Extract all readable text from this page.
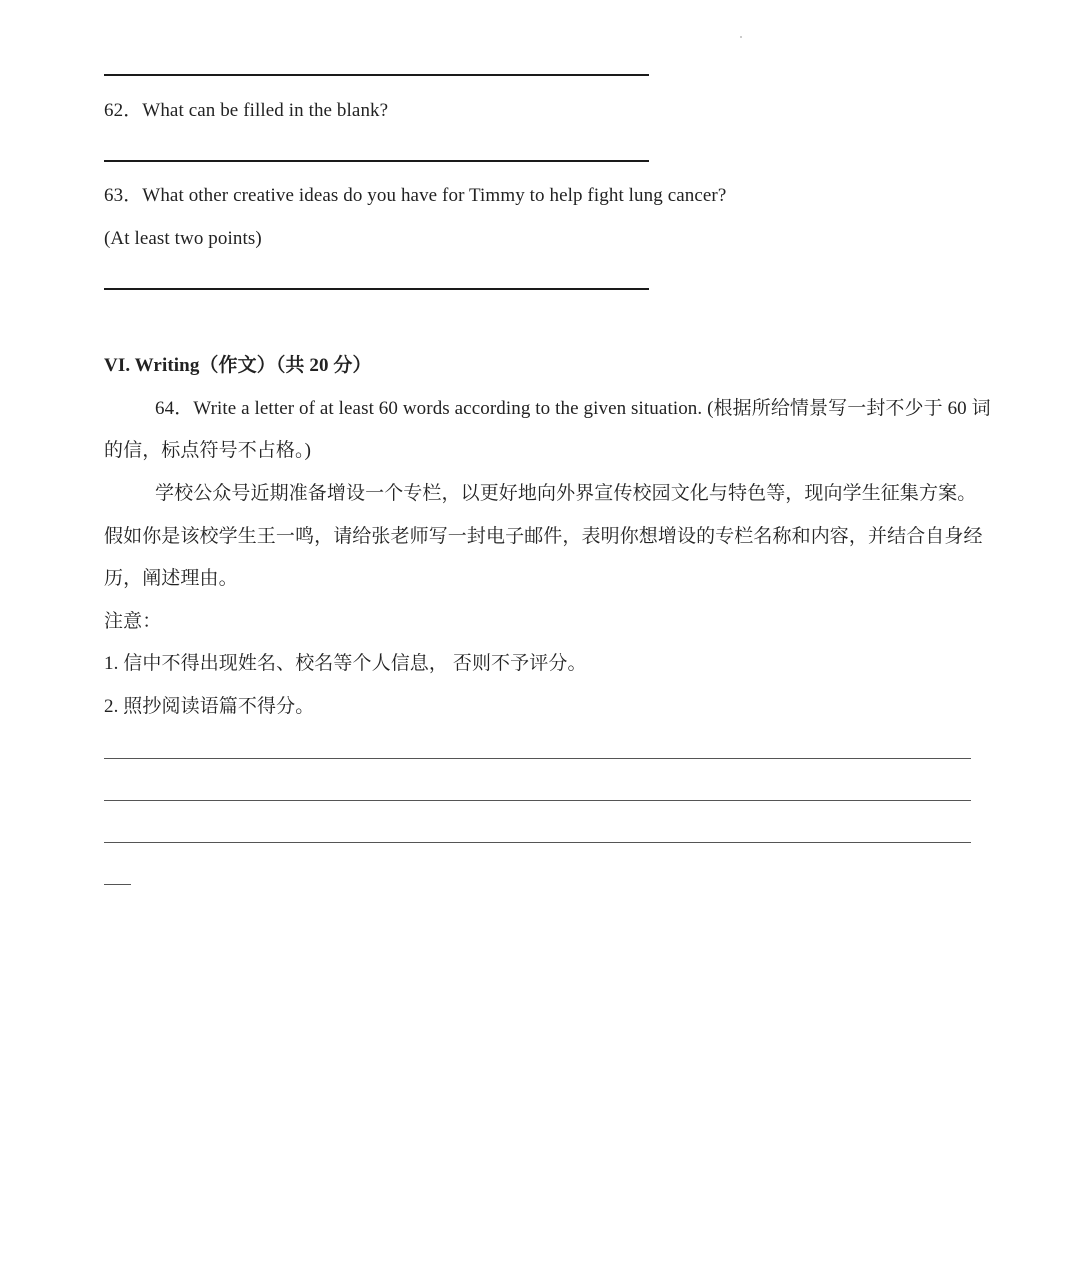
62．What can be filled in the blank?
63．What other creative ideas do you have for Timmy to help fight lung cancer?
(At least two points)
VI. Writing（作文）（共 20 分）
64．Write a letter of at least 60 words according to the given situation. (根据所给情景写一封不少于 60 词
的信，标点符号不占格。)
学校公众号近期准备增设一个专栏，以更好地向外界宣传校园文化与特色等，现向学生征集方案。
假如你是该校学生王一鸣，请给张老师写一封电子邮件，表明你想增设的专栏名称和内容，并结合自身经
历，阐述理由。
注意：
1. 信中不得出现姓名、校名等个人信息， 否则不予评分。
2. 照抄阅读语篇不得分。
